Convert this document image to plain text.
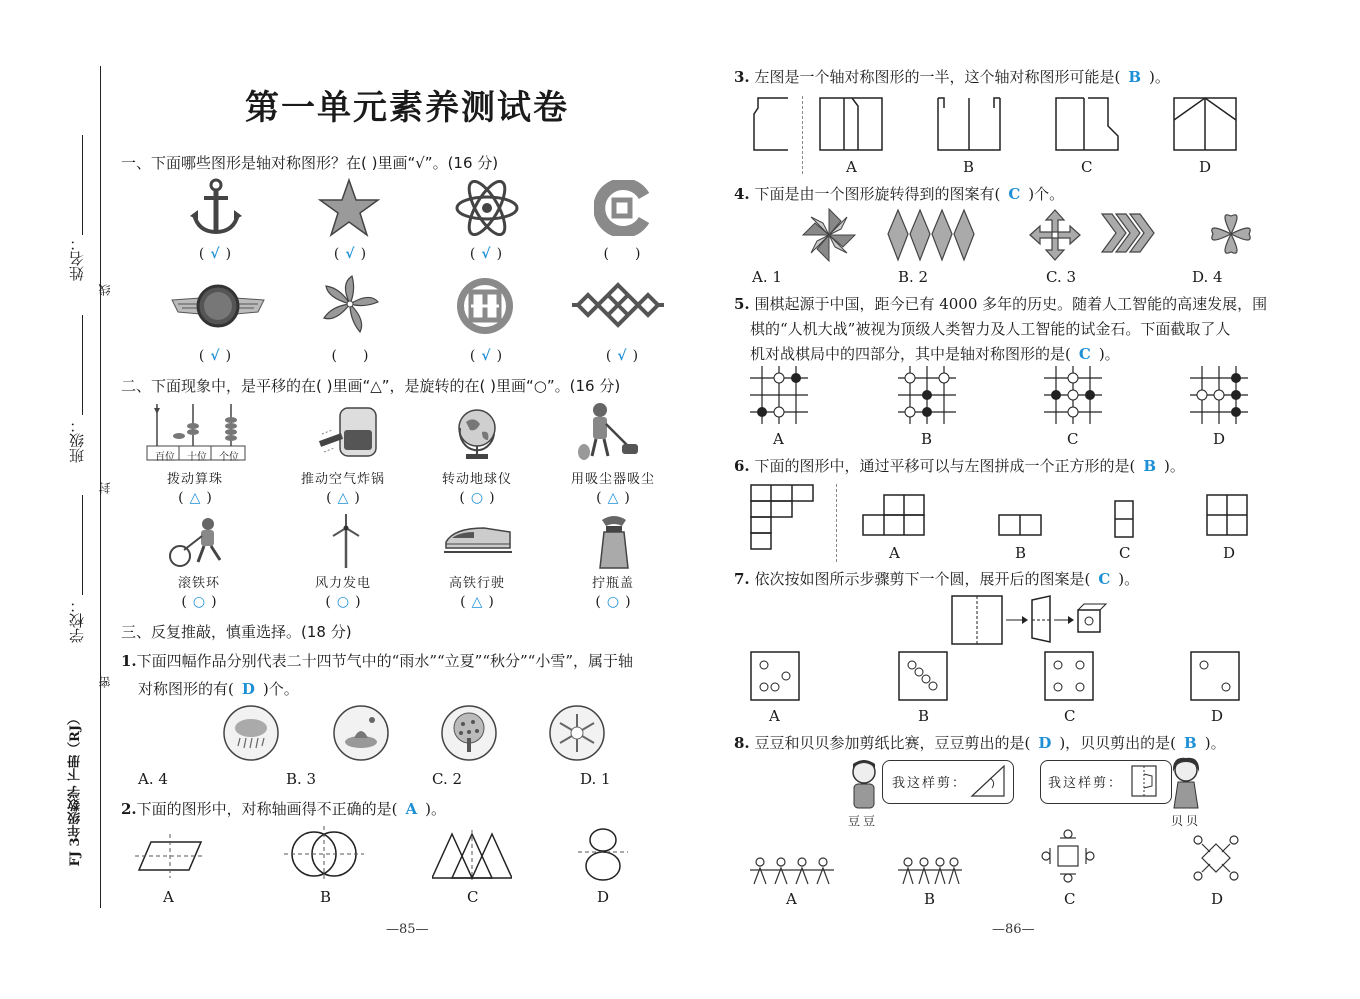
姓名：
班级：
学校：
线
封
密
FJ 3年级数学 下册（RJ）
第一单元素养测试卷
一、下面哪些图形是轴对称图形？在( )里画“√”。(16 分)
( √ )	( √ )	( √ )	( )
( √ )	( )	( √ )	( √ )
二、下面现象中，是平移的在( )里画“△”，是旋转的在( )里画“○”。(16 分)
百位	十位	个位
拨动算珠	推动空气炸锅	转动地球仪	用吸尘器吸尘
( △ )	( △ )	( ○ )	( △ )
滚铁环	风力发电	高铁行驶	拧瓶盖
( ○ )	( ○ )	( △ )	( ○ )
三、反复推敲，慎重选择。(18 分)
1.下面四幅作品分别代表二十四节气中的“雨水”“立夏”“秋分”“小雪”，属于轴
对称图形的有( D )个。
A. 4	B. 3	C. 2	D. 1
2.下面的图形中，对称轴画得不正确的是( A )。
A	B	C	D
—85—
3. 左图是一个轴对称图形的一半，这个轴对称图形可能是( B )。
A	B	C	D
4. 下面是由一个图形旋转得到的图案有( C )个。
A. 1	B. 2	C. 3	D. 4
5. 围棋起源于中国，距今已有 4000 多年的历史。随着人工智能的高速发展，围
棋的“人机大战”被视为顶级人类智力及人工智能的试金石。下面截取了人
机对战棋局中的四部分，其中是轴对称图形的是( C )。
A	B	C	D
6. 下面的图形中，通过平移可以与左图拼成一个正方形的是( B )。
A	B	C	D
7. 依次按如图所示步骤剪下一个圆，展开后的图案是( C )。
A	B	C	D
8. 豆豆和贝贝参加剪纸比赛，豆豆剪出的是( D )，贝贝剪出的是( B )。
我这样剪：	我这样剪：
豆豆	贝贝
A	B	C	D
—86—
